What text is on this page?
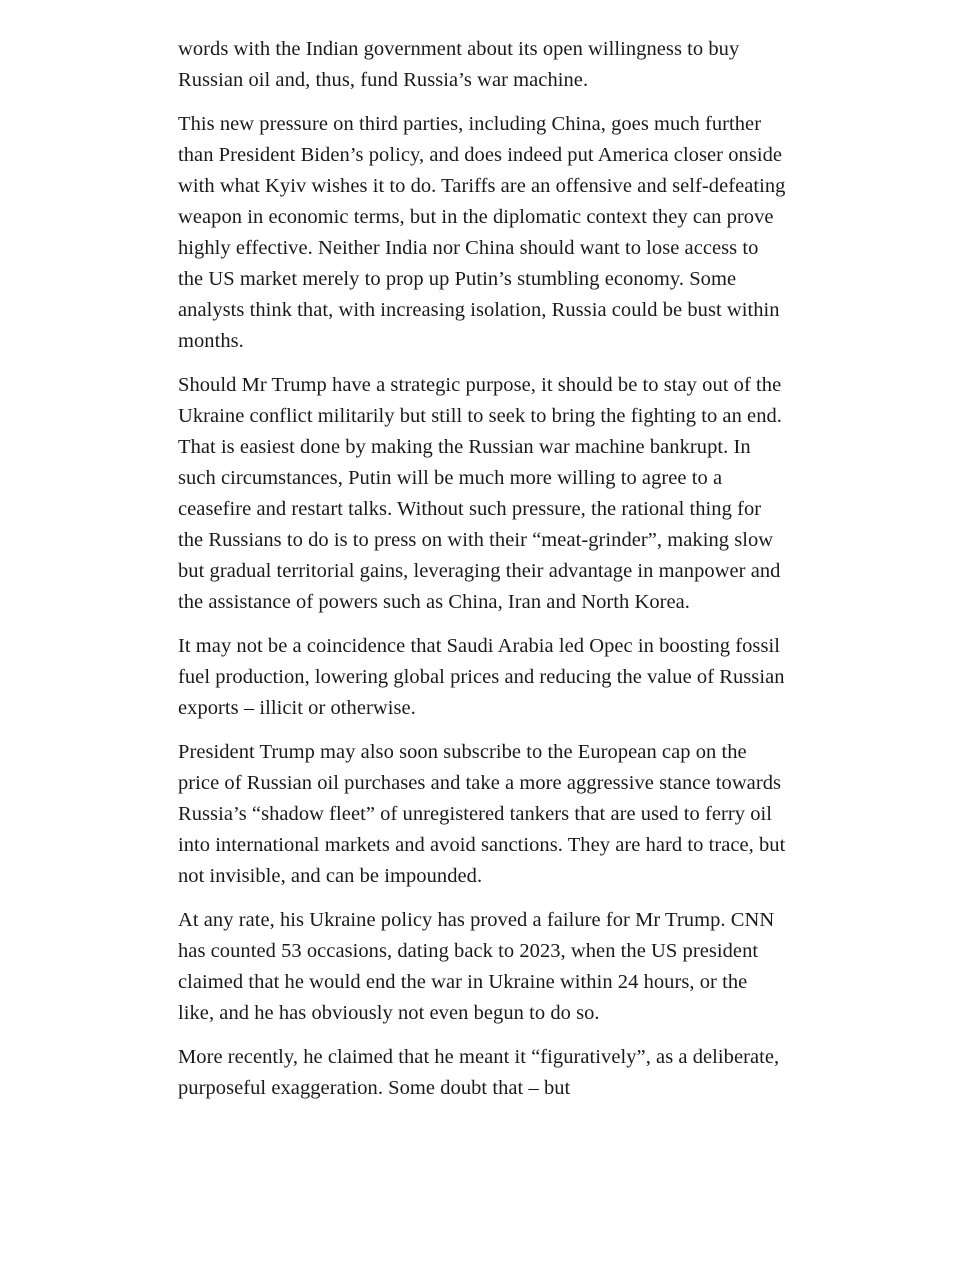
words with the Indian government about its open willingness to buy Russian oil and, thus, fund Russia’s war machine.

This new pressure on third parties, including China, goes much further than President Biden’s policy, and does indeed put America closer onside with what Kyiv wishes it to do. Tariffs are an offensive and self-defeating weapon in economic terms, but in the diplomatic context they can prove highly effective. Neither India nor China should want to lose access to the US market merely to prop up Putin’s stumbling economy. Some analysts think that, with increasing isolation, Russia could be bust within months.

Should Mr Trump have a strategic purpose, it should be to stay out of the Ukraine conflict militarily but still to seek to bring the fighting to an end. That is easiest done by making the Russian war machine bankrupt. In such circumstances, Putin will be much more willing to agree to a ceasefire and restart talks. Without such pressure, the rational thing for the Russians to do is to press on with their “meat-grinder”, making slow but gradual territorial gains, leveraging their advantage in manpower and the assistance of powers such as China, Iran and North Korea.

It may not be a coincidence that Saudi Arabia led Opec in boosting fossil fuel production, lowering global prices and reducing the value of Russian exports – illicit or otherwise.

President Trump may also soon subscribe to the European cap on the price of Russian oil purchases and take a more aggressive stance towards Russia’s “shadow fleet” of unregistered tankers that are used to ferry oil into international markets and avoid sanctions. They are hard to trace, but not invisible, and can be impounded.

At any rate, his Ukraine policy has proved a failure for Mr Trump. CNN has counted 53 occasions, dating back to 2023, when the US president claimed that he would end the war in Ukraine within 24 hours, or the like, and he has obviously not even begun to do so.

More recently, he claimed that he meant it “figuratively”, as a deliberate, purposeful exaggeration. Some doubt that – but
